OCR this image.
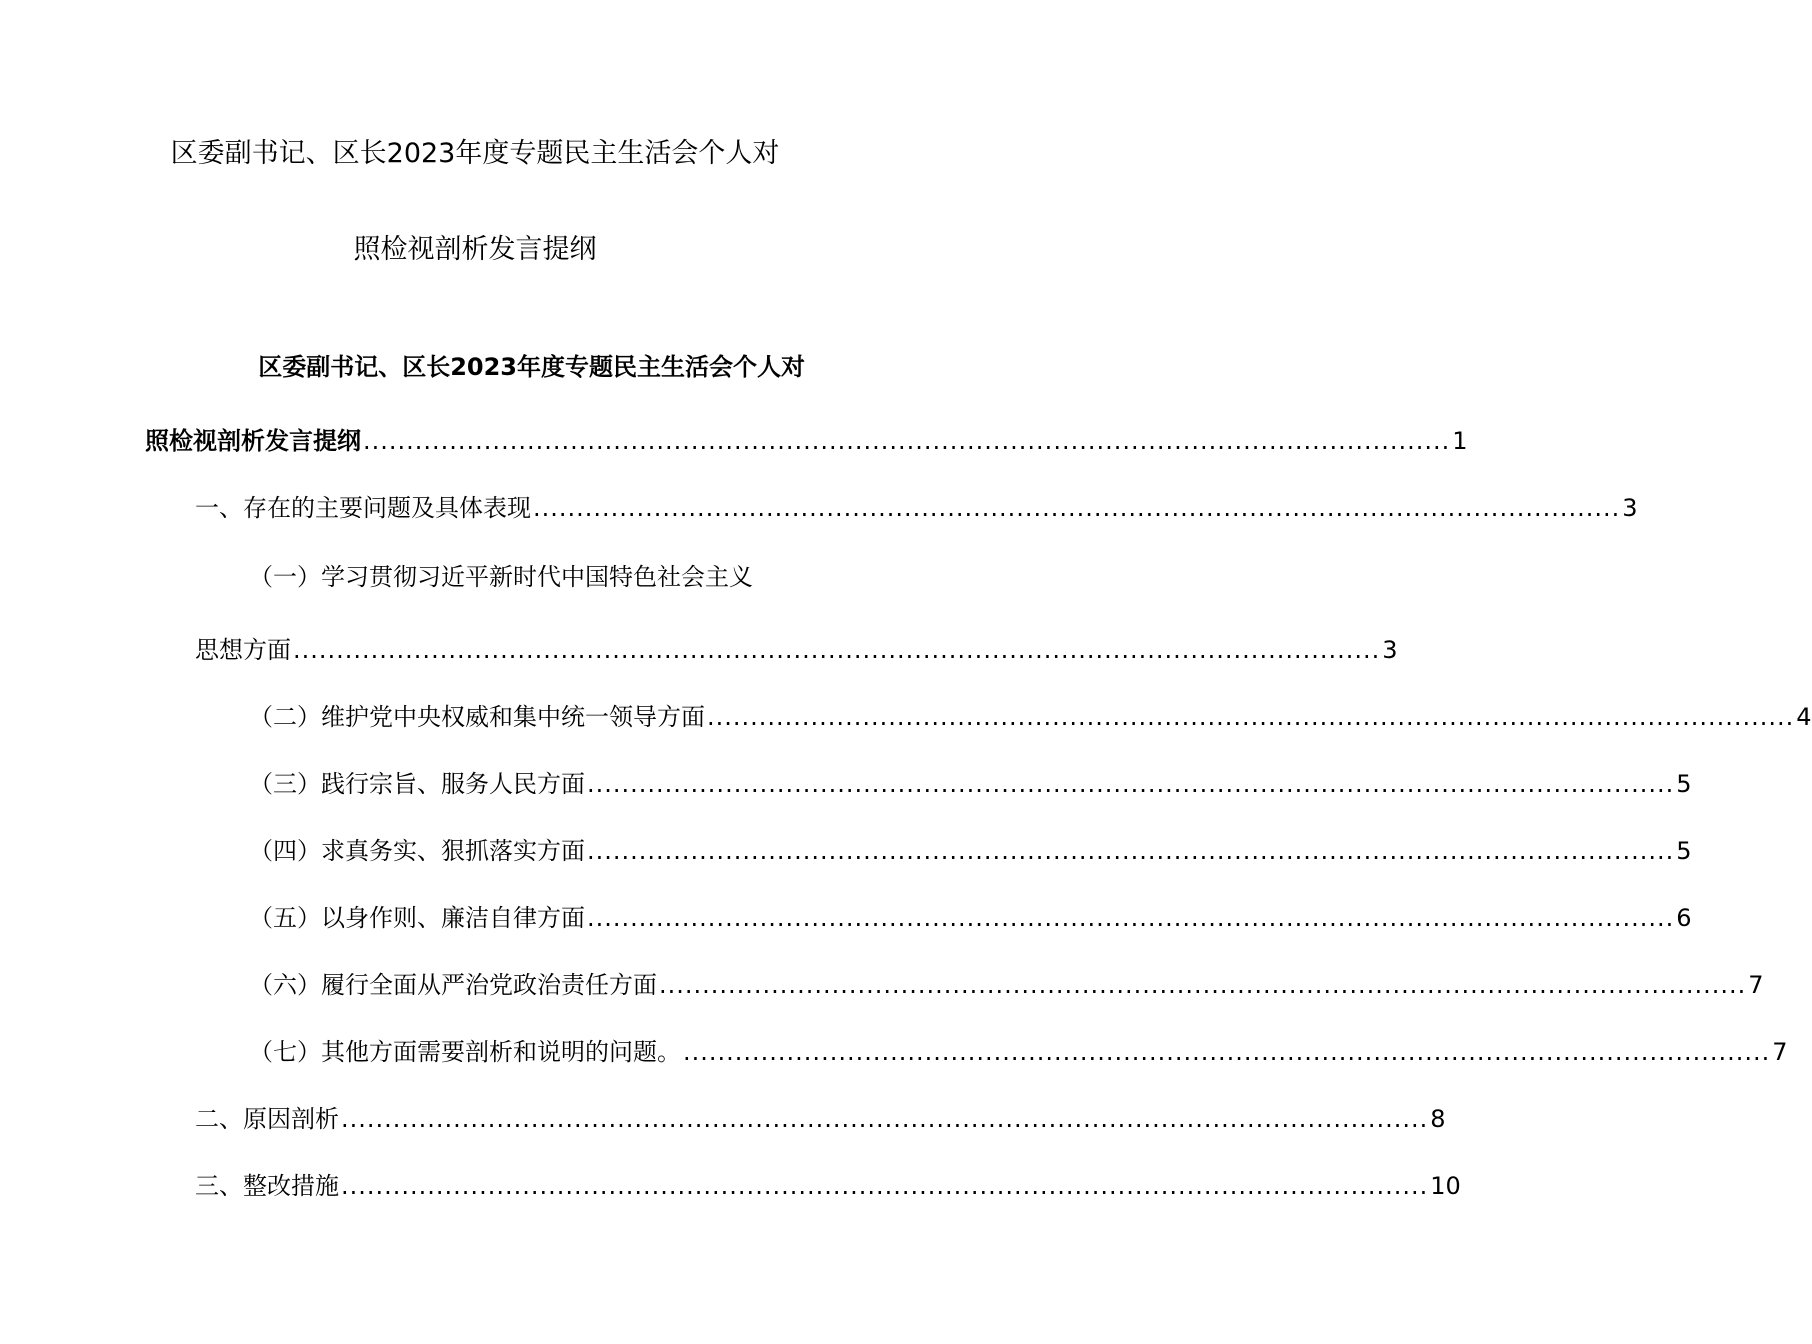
区委副书记、区长2023年度专题民主生活会个人对
照检视剖析发言提纲
区委副书记、区长2023年度专题民主生活会个人对
照检视剖析发言提纲 .............................................................................................................................. 1
一、存在的主要问题及具体表现 .............................................................................................................................. 3
（一）学习贯彻习近平新时代中国特色社会主义
思想方面 .............................................................................................................................. 3
（二）维护党中央权威和集中统一领导方面 .............................................................................................................................. 4
（三）践行宗旨、服务人民方面 .............................................................................................................................. 5
（四）求真务实、狠抓落实方面 .............................................................................................................................. 5
（五）以身作则、廉洁自律方面 .............................................................................................................................. 6
（六）履行全面从严治党政治责任方面 .............................................................................................................................. 7
（七）其他方面需要剖析和说明的问题。 .............................................................................................................................. 7
二、原因剖析 .............................................................................................................................. 8
三、整改措施 .............................................................................................................................. 10
